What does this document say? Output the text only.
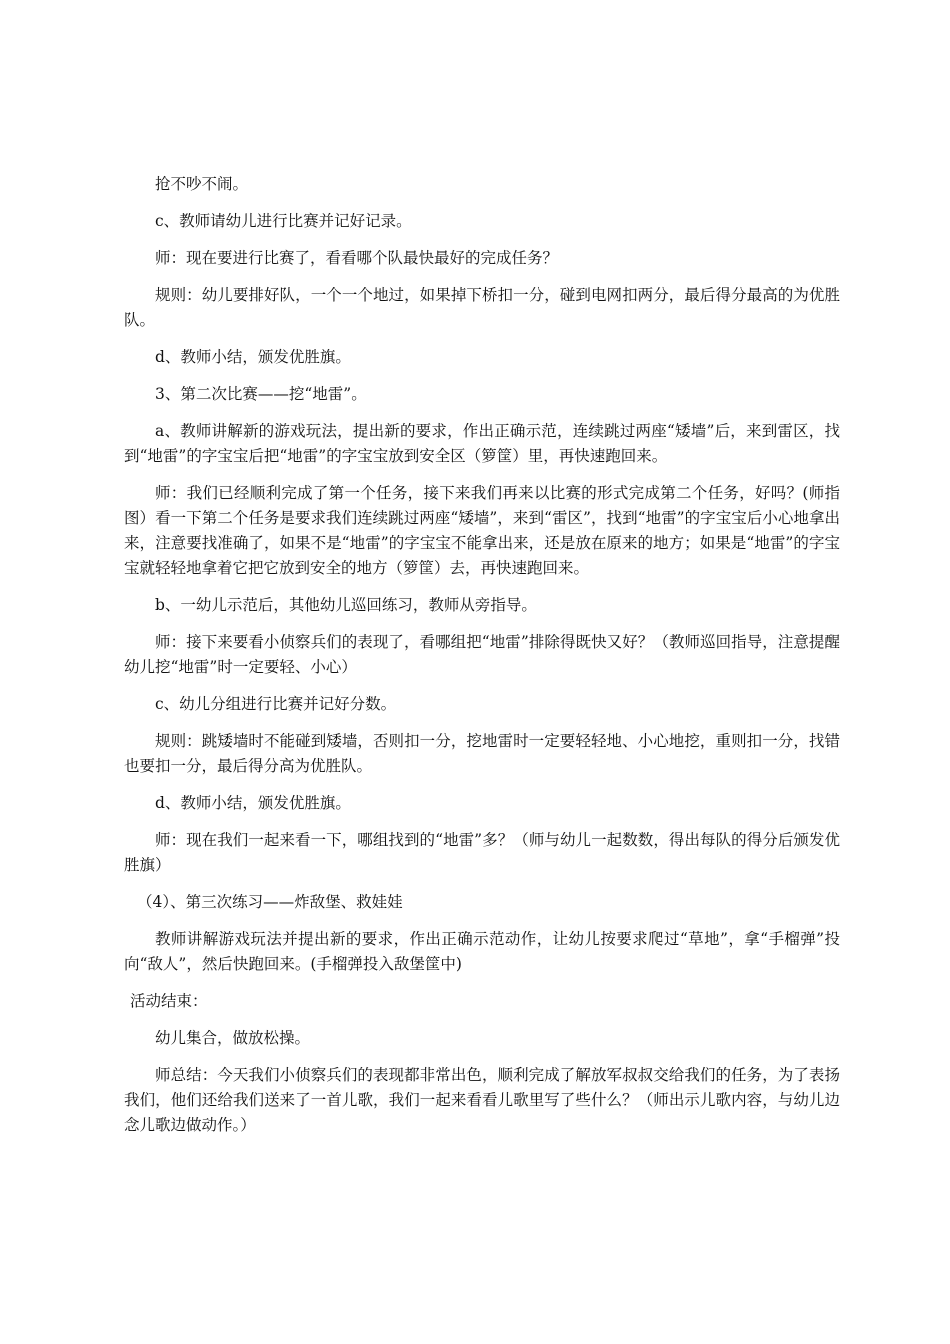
抢不吵不闹。

c、教师请幼儿进行比赛并记好记录。

师：现在要进行比赛了，看看哪个队最快最好的完成任务？

规则：幼儿要排好队，一个一个地过，如果掉下桥扣一分，碰到电网扣两分，最后得分最高的为优胜队。

d、教师小结，颁发优胜旗。

3、第二次比赛——挖“地雷”。

a、教师讲解新的游戏玩法，提出新的要求，作出正确示范，连续跳过两座“矮墙”后，来到雷区，找到“地雷”的字宝宝后把“地雷”的字宝宝放到安全区（箩筐）里，再快速跑回来。

师：我们已经顺利完成了第一个任务，接下来我们再来以比赛的形式完成第二个任务，好吗？(师指图）看一下第二个任务是要求我们连续跳过两座“矮墙”，来到“雷区”，找到“地雷”的字宝宝后小心地拿出来，注意要找准确了，如果不是“地雷”的字宝宝不能拿出来，还是放在原来的地方；如果是“地雷”的字宝宝就轻轻地拿着它把它放到安全的地方（箩筐）去，再快速跑回来。

b、一幼儿示范后，其他幼儿巡回练习，教师从旁指导。

师：接下来要看小侦察兵们的表现了，看哪组把“地雷”排除得既快又好？（教师巡回指导，注意提醒幼儿挖“地雷”时一定要轻、小心）

c、幼儿分组进行比赛并记好分数。

规则：跳矮墙时不能碰到矮墙，否则扣一分，挖地雷时一定要轻轻地、小心地挖，重则扣一分，找错也要扣一分，最后得分高为优胜队。

d、教师小结，颁发优胜旗。

师：现在我们一起来看一下，哪组找到的“地雷”多？（师与幼儿一起数数，得出每队的得分后颁发优胜旗）

（4）、第三次练习——炸敌堡、救娃娃

教师讲解游戏玩法并提出新的要求，作出正确示范动作，让幼儿按要求爬过“草地”，拿“手榴弹”投向“敌人”，然后快跑回来。(手榴弹投入敌堡筐中)

活动结束：

幼儿集合，做放松操。

师总结：今天我们小侦察兵们的表现都非常出色，顺利完成了解放军叔叔交给我们的任务，为了表扬我们，他们还给我们送来了一首儿歌，我们一起来看看儿歌里写了些什么？（师出示儿歌内容，与幼儿边念儿歌边做动作。）
